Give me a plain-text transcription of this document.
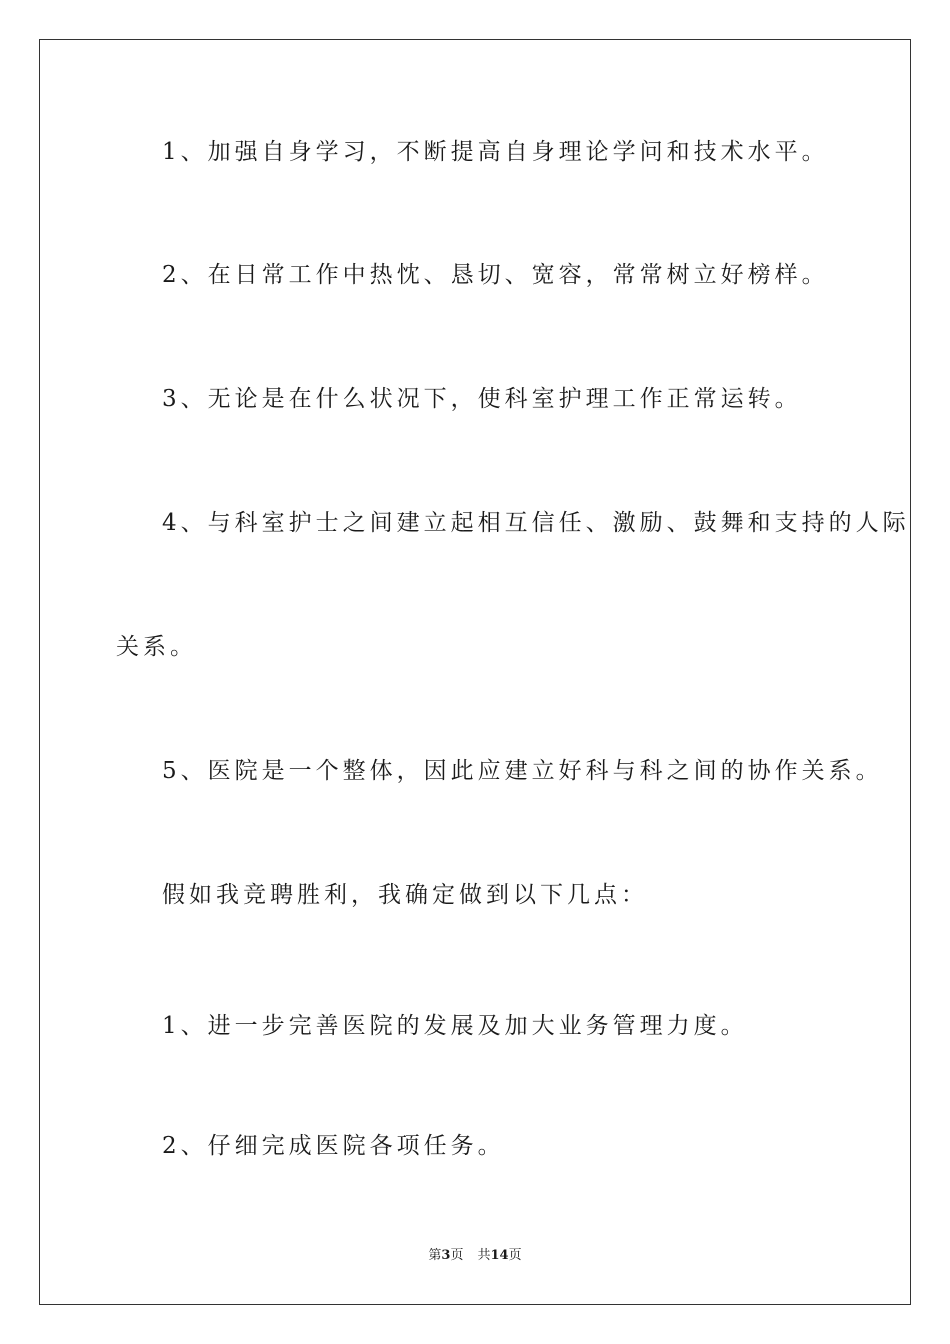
1、加强自身学习，不断提高自身理论学问和技术水平。
2、在日常工作中热忱、恳切、宽容，常常树立好榜样。
3、无论是在什么状况下，使科室护理工作正常运转。
4、与科室护士之间建立起相互信任、激励、鼓舞和支持的人际
关系。
5、医院是一个整体，因此应建立好科与科之间的协作关系。
假如我竞聘胜利，我确定做到以下几点：
1、进一步完善医院的发展及加大业务管理力度。
2、仔细完成医院各项任务。
第3页 共14页
